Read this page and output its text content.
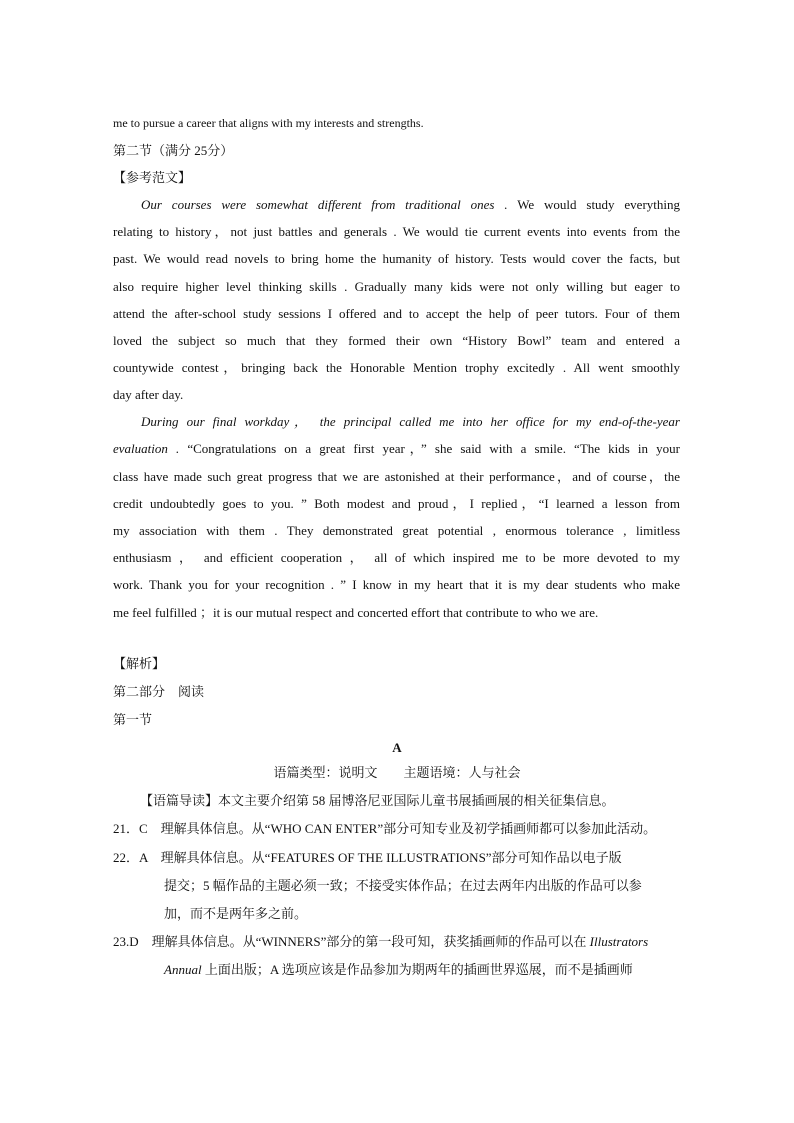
me to pursue a career that aligns with my interests and strengths.
第二节（满分 25分）
【参考范文】
Our courses were somewhat different from traditional ones . We would study everything
relating to history，not just battles and generals . We would tie current events into events from the
past. We would read novels to bring home the humanity of history. Tests would cover the facts, but
also require higher level thinking skills . Gradually many kids were not only willing but eager to
attend the after-school study sessions I offered and to accept the help of peer tutors. Four of them
loved the subject so much that they formed their own “History Bowl” team and entered a
countywide contest，bringing back the Honorable Mention trophy excitedly . All went smoothly
day after day.
During our final workday， the principal called me into her office for my end-of-the-year
evaluation . “Congratulations on a great first year，” she said with a smile. “The kids in your
class have made such great progress that we are astonished at their performance，and of course，the
credit undoubtedly goes to you. ” Both modest and proud，I replied，“I learned a lesson from
my association with them . They demonstrated great potential , enormous tolerance , limitless
enthusiasm ， and efficient cooperation ， all of which inspired me to be more devoted to my
work. Thank you for your recognition . ” I know in my heart that it is my dear students who make
me feel fulfilled ；it is our mutual respect and concerted effort that contribute to who we are.
【解析】
第二部分　阅读
第一节
A
语篇类型：说明文　　主题语境：人与社会
【语篇导读】本文主要介绍第 58 届博洛尼亚国际儿童书展插画展的相关征集信息。
21．C　理解具体信息。从“WHO CAN ENTER”部分可知专业及初学插画师都可以参加此活动。
22．A　理解具体信息。从“FEATURES OF THE ILLUSTRATIONS”部分可知作品以电子版
提交；5 幅作品的主题必须一致；不接受实体作品；在过去两年内出版的作品可以参
加，而不是两年多之前。
23.D　理解具体信息。从“WINNERS”部分的第一段可知，获奖插画师的作品可以在 Illustrators
Annual 上面出版；A 选项应该是作品参加为期两年的插画世界巡展，而不是插画师
